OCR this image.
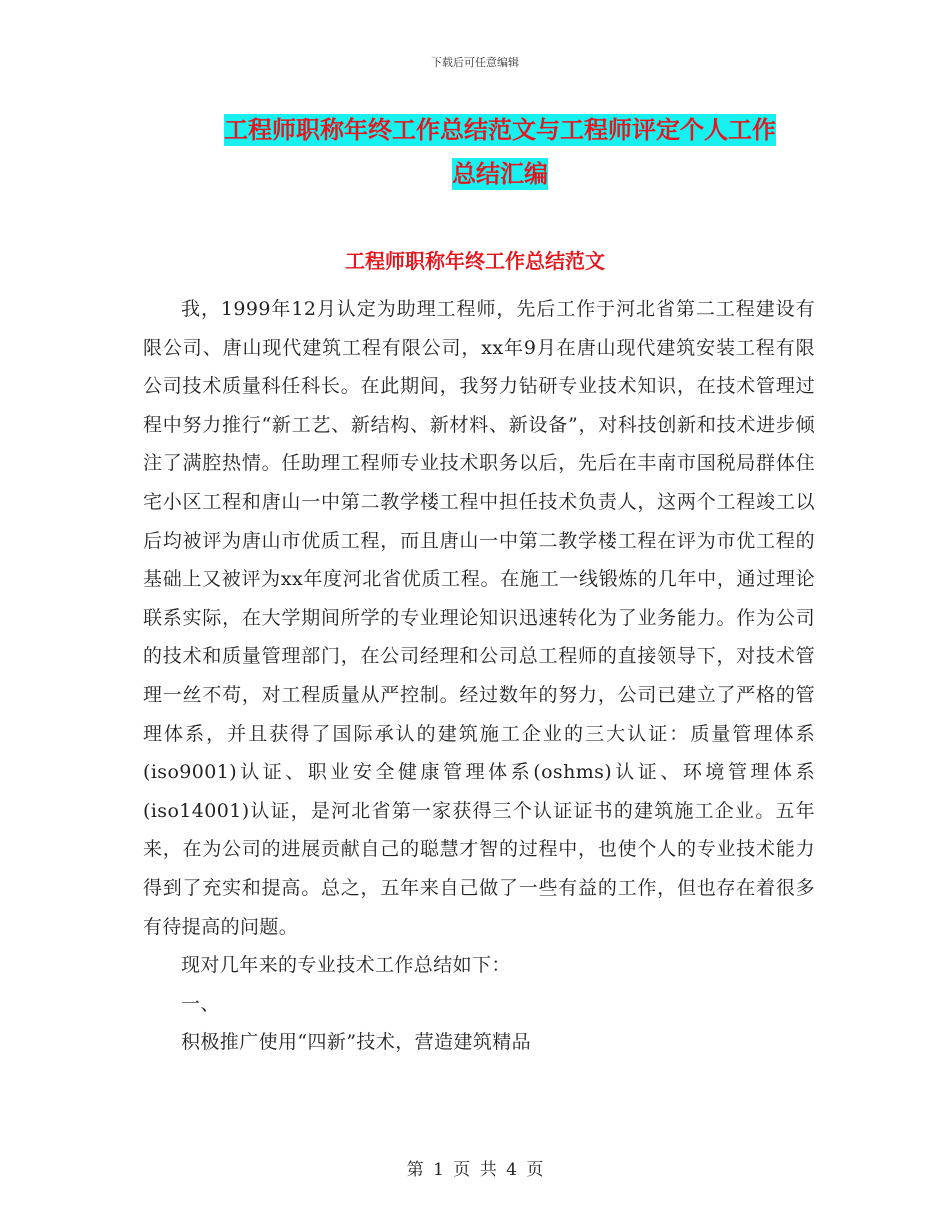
下载后可任意编辑
工程师职称年终工作总结范文与工程师评定个人工作
总结汇编
工程师职称年终工作总结范文

我，1999年12月认定为助理工程师，先后工作于河北省第二工程建设有限公司、唐山现代建筑工程有限公司，xx年9月在唐山现代建筑安装工程有限公司技术质量科任科长。在此期间，我努力钻研专业技术知识，在技术管理过程中努力推行“新工艺、新结构、新材料、新设备”，对科技创新和技术进步倾注了满腔热情。任助理工程师专业技术职务以后，先后在丰南市国税局群体住宅小区工程和唐山一中第二教学楼工程中担任技术负责人，这两个工程竣工以后均被评为唐山市优质工程，而且唐山一中第二教学楼工程在评为市优工程的基础上又被评为xx年度河北省优质工程。在施工一线锻炼的几年中，通过理论联系实际，在大学期间所学的专业理论知识迅速转化为了业务能力。作为公司的技术和质量管理部门，在公司经理和公司总工程师的直接领导下，对技术管理一丝不苟，对工程质量从严控制。经过数年的努力，公司已建立了严格的管理体系，并且获得了国际承认的建筑施工企业的三大认证：质量管理体系(iso9001)认证、职业安全健康管理体系(oshms)认证、环境管理体系(iso14001)认证，是河北省第一家获得三个认证证书的建筑施工企业。五年来，在为公司的进展贡献自己的聪慧才智的过程中，也使个人的专业技术能力得到了充实和提高。总之，五年来自己做了一些有益的工作，但也存在着很多有待提高的问题。

现对几年来的专业技术工作总结如下：

一、

积极推广使用“四新”技术，营造建筑精品

第 1 页 共 4 页
